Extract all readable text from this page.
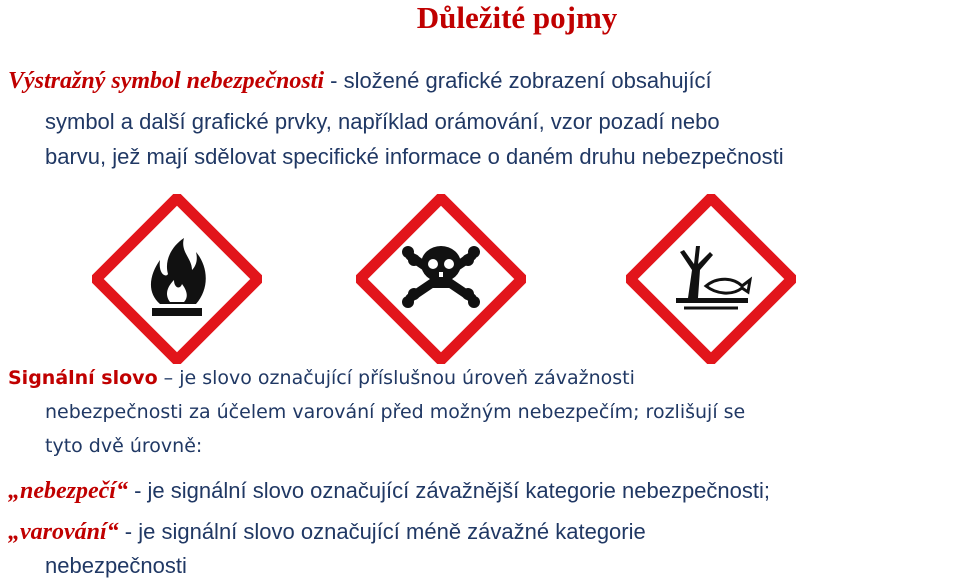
Důležité pojmy
Výstražný symbol nebezpečnosti - složené grafické zobrazení obsahující
symbol a další grafické prvky, například orámování, vzor pozadí nebo
barvu, jež mají sdělovat specifické informace o daném druhu nebezpečnosti
Signální slovo – je slovo označující příslušnou úroveň závažnosti
nebezpečnosti za účelem varování před možným nebezpečím; rozlišují se
tyto dvě úrovně:
„nebezpečí“ - je signální slovo označující závažnější kategorie nebezpečnosti;
„varování“ - je signální slovo označující méně závažné kategorie
nebezpečnosti
